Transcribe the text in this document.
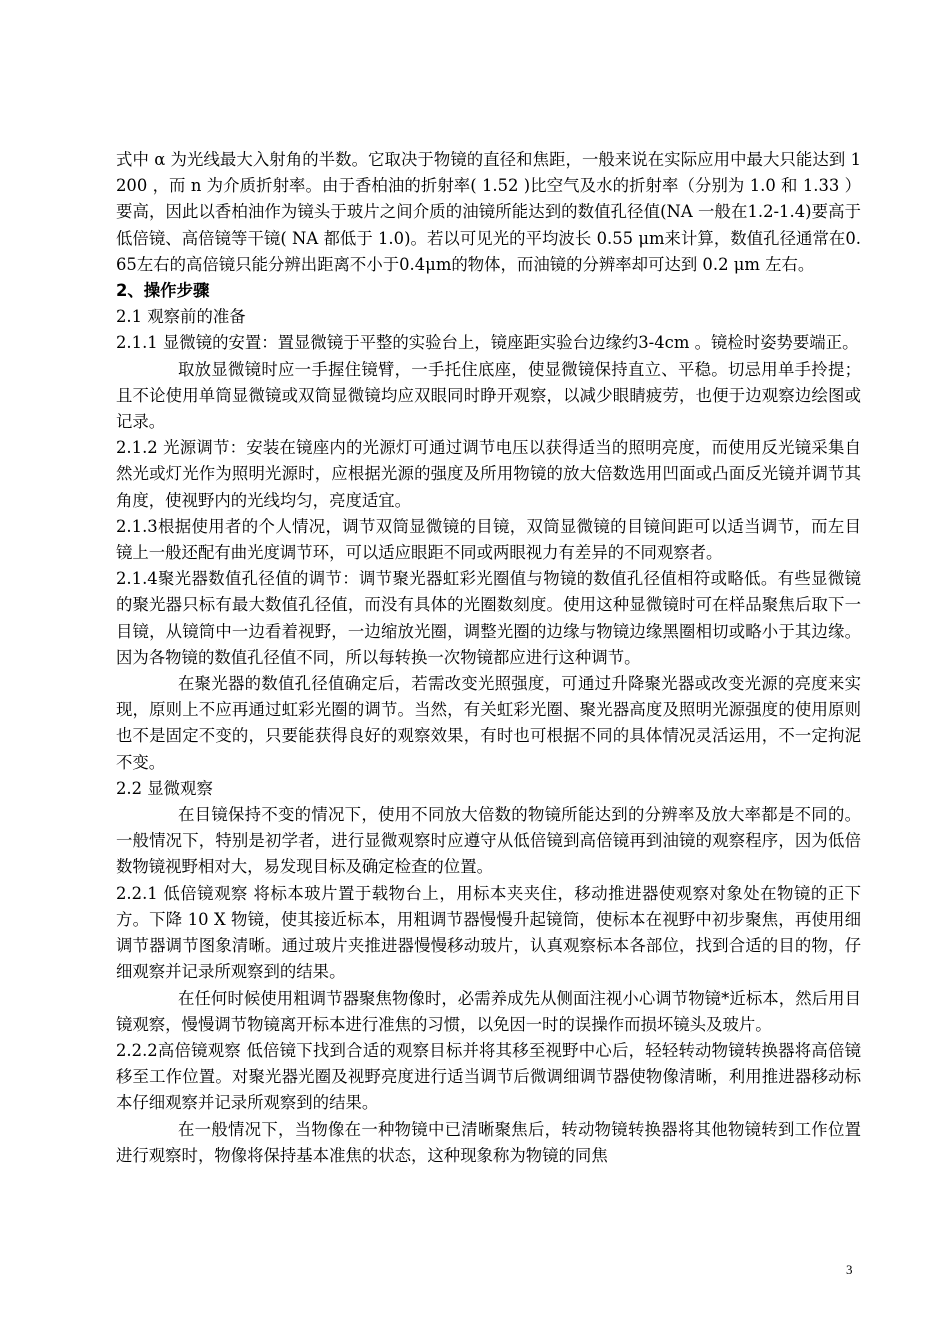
式中 α 为光线最大入射角的半数。它取决于物镜的直径和焦距，一般来说在实际应用中最大只能达到 1200 ，而 n 为介质折射率。由于香柏油的折射率( 1.52 )比空气及水的折射率（分别为 1.0 和 1.33 ）要高，因此以香柏油作为镜头于玻片之间介质的油镜所能达到的数值孔径值(NA 一般在1.2-1.4)要高于低倍镜、高倍镜等干镜( NA 都低于 1.0)。若以可见光的平均波长 0.55 μm来计算，数值孔径通常在0.65左右的高倍镜只能分辨出距离不小于0.4μm的物体，而油镜的分辨率却可达到 0.2 μm 左右。

2、操作步骤

2.1 观察前的准备

2.1.1 显微镜的安置：置显微镜于平整的实验台上，镜座距实验台边缘约3-4cm 。镜检时姿势要端正。

取放显微镜时应一手握住镜臂，一手托住底座，使显微镜保持直立、平稳。切忌用单手拎提；且不论使用单筒显微镜或双筒显微镜均应双眼同时睁开观察，以减少眼睛疲劳，也便于边观察边绘图或记录。

2.1.2 光源调节：安装在镜座内的光源灯可通过调节电压以获得适当的照明亮度，而使用反光镜采集自然光或灯光作为照明光源时，应根据光源的强度及所用物镜的放大倍数选用凹面或凸面反光镜并调节其角度，使视野内的光线均匀，亮度适宜。

2.1.3根据使用者的个人情况，调节双筒显微镜的目镜，双筒显微镜的目镜间距可以适当调节，而左目镜上一般还配有曲光度调节环，可以适应眼距不同或两眼视力有差异的不同观察者。

2.1.4聚光器数值孔径值的调节：调节聚光器虹彩光圈值与物镜的数值孔径值相符或略低。有些显微镜的聚光器只标有最大数值孔径值，而没有具体的光圈数刻度。使用这种显微镜时可在样品聚焦后取下一目镜，从镜筒中一边看着视野，一边缩放光圈，调整光圈的边缘与物镜边缘黑圈相切或略小于其边缘。因为各物镜的数值孔径值不同，所以每转换一次物镜都应进行这种调节。

在聚光器的数值孔径值确定后，若需改变光照强度，可通过升降聚光器或改变光源的亮度来实现，原则上不应再通过虹彩光圈的调节。当然，有关虹彩光圈、聚光器高度及照明光源强度的使用原则也不是固定不变的，只要能获得良好的观察效果，有时也可根据不同的具体情况灵活运用，不一定拘泥不变。

2.2 显微观察

在目镜保持不变的情况下，使用不同放大倍数的物镜所能达到的分辨率及放大率都是不同的。一般情况下，特别是初学者，进行显微观察时应遵守从低倍镜到高倍镜再到油镜的观察程序，因为低倍数物镜视野相对大，易发现目标及确定检查的位置。

2.2.1 低倍镜观察 将标本玻片置于载物台上，用标本夹夹住，移动推进器使观察对象处在物镜的正下方。下降 10 X 物镜，使其接近标本，用粗调节器慢慢升起镜筒，使标本在视野中初步聚焦，再使用细调节器调节图象清晰。通过玻片夹推进器慢慢移动玻片，认真观察标本各部位，找到合适的目的物，仔细观察并记录所观察到的结果。

在任何时候使用粗调节器聚焦物像时，必需养成先从侧面注视小心调节物镜*近标本，然后用目镜观察，慢慢调节物镜离开标本进行准焦的习惯，以免因一时的误操作而损坏镜头及玻片。

2.2.2高倍镜观察 低倍镜下找到合适的观察目标并将其移至视野中心后，轻轻转动物镜转换器将高倍镜移至工作位置。对聚光器光圈及视野亮度进行适当调节后微调细调节器使物像清晰，利用推进器移动标本仔细观察并记录所观察到的结果。

在一般情况下，当物像在一种物镜中已清晰聚焦后，转动物镜转换器将其他物镜转到工作位置进行观察时，物像将保持基本准焦的状态，这种现象称为物镜的同焦

3
